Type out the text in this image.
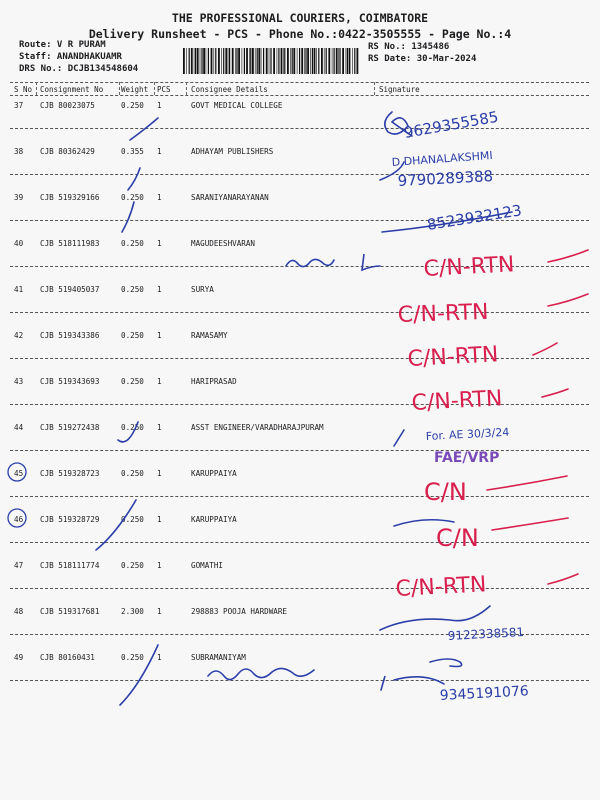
THE PROFESSIONAL COURIERS, COIMBATORE
Delivery Runsheet - PCS - Phone No.:0422-3505555 - Page No.:4
Route: V R PURAM
Staff: ANANDHAKUAMR
DRS No.: DCJB134548604
RS No.: 1345486
RS Date: 30-Mar-2024
S No Consignment No Weight PCS	Consignee Details	Signature
37 CJB 80023075	0.250 1	GOVT MEDICAL COLLEGE
38 CJB 80362429	0.355 1	ADHAYAM PUBLISHERS
39 CJB 519329166	0.250 1	SARANIYANARAYANAN
40 CJB 518111983	0.250 1	MAGUDEESHVARAN
41 CJB 519405037	0.250 1	SURYA
42 CJB 519343386	0.250 1	RAMASAMY
43 CJB 519343693	0.250 1	HARIPRASAD
44 CJB 519272438	0.250 1	ASST ENGINEER/VARADHARAJPURAM
45 CJB 519328723	0.250 1	KARUPPAIYA
46 CJB 519328729	0.250 1	KARUPPAIYA
47 CJB 518111774	0.250 1	GOMATHI
48 CJB 519317681	2.300 1	298883 POOJA HARDWARE
49 CJB 80160431	0.250 1	SUBRAMANIYAM
9629355585
D.DHANALAKSHMI
9790289388
8523932123
C/N-RTN
C/N-RTN
C/N-RTN
C/N-RTN
For. AE 30/3/24
FAE/VRP
C/N
C/N
C/N-RTN
9122338581
9345191076
